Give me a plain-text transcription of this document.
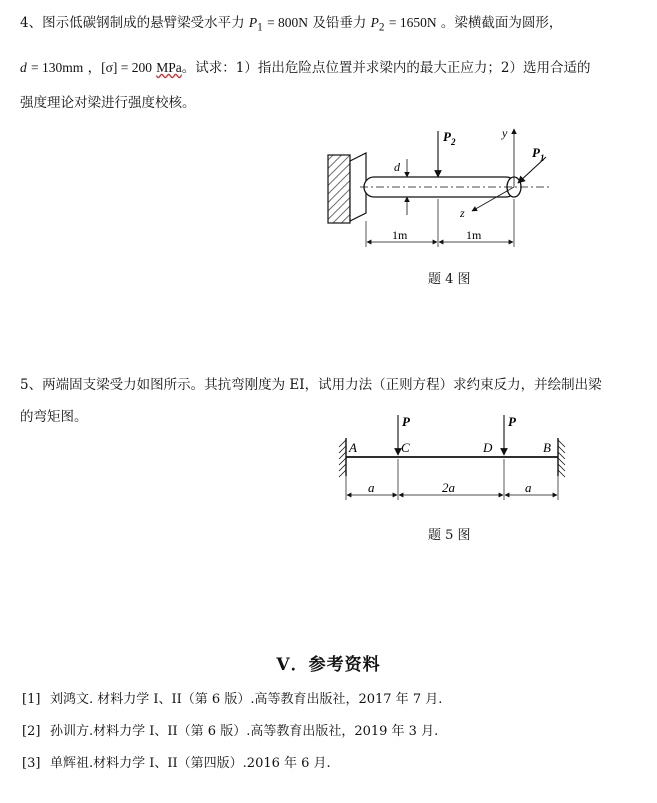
4、图示低碳钢制成的悬臂梁受水平力 $P_1 = 800N$ 及铅垂力 $P_2 = 1650N$ 。梁横截面为圆形，
d = 130mm ，[σ] = 200 MPa。试求：1）指出危险点位置并求梁内的最大正应力；2）选用合适的
强度理论对梁进行强度校核。
d
$P_2$
y
$P_1$
z
1m	1m
题 4 图
5、两端固支梁受力如图所示。其抗弯刚度为 EI，试用力法（正则方程）求约束反力，并绘制出梁
的弯矩图。	P	P
A	C	D	B
a	2a	a
题 5 图
V．参考资料
[1] 刘鸿文. 材料力学 I、II（第 6 版）.高等教育出版社，2017 年 7 月.
[2] 孙训方.材料力学 I、II（第 6 版）.高等教育出版社，2019 年 3 月.
[3] 单辉祖.材料力学 I、II（第四版）.2016 年 6 月.
